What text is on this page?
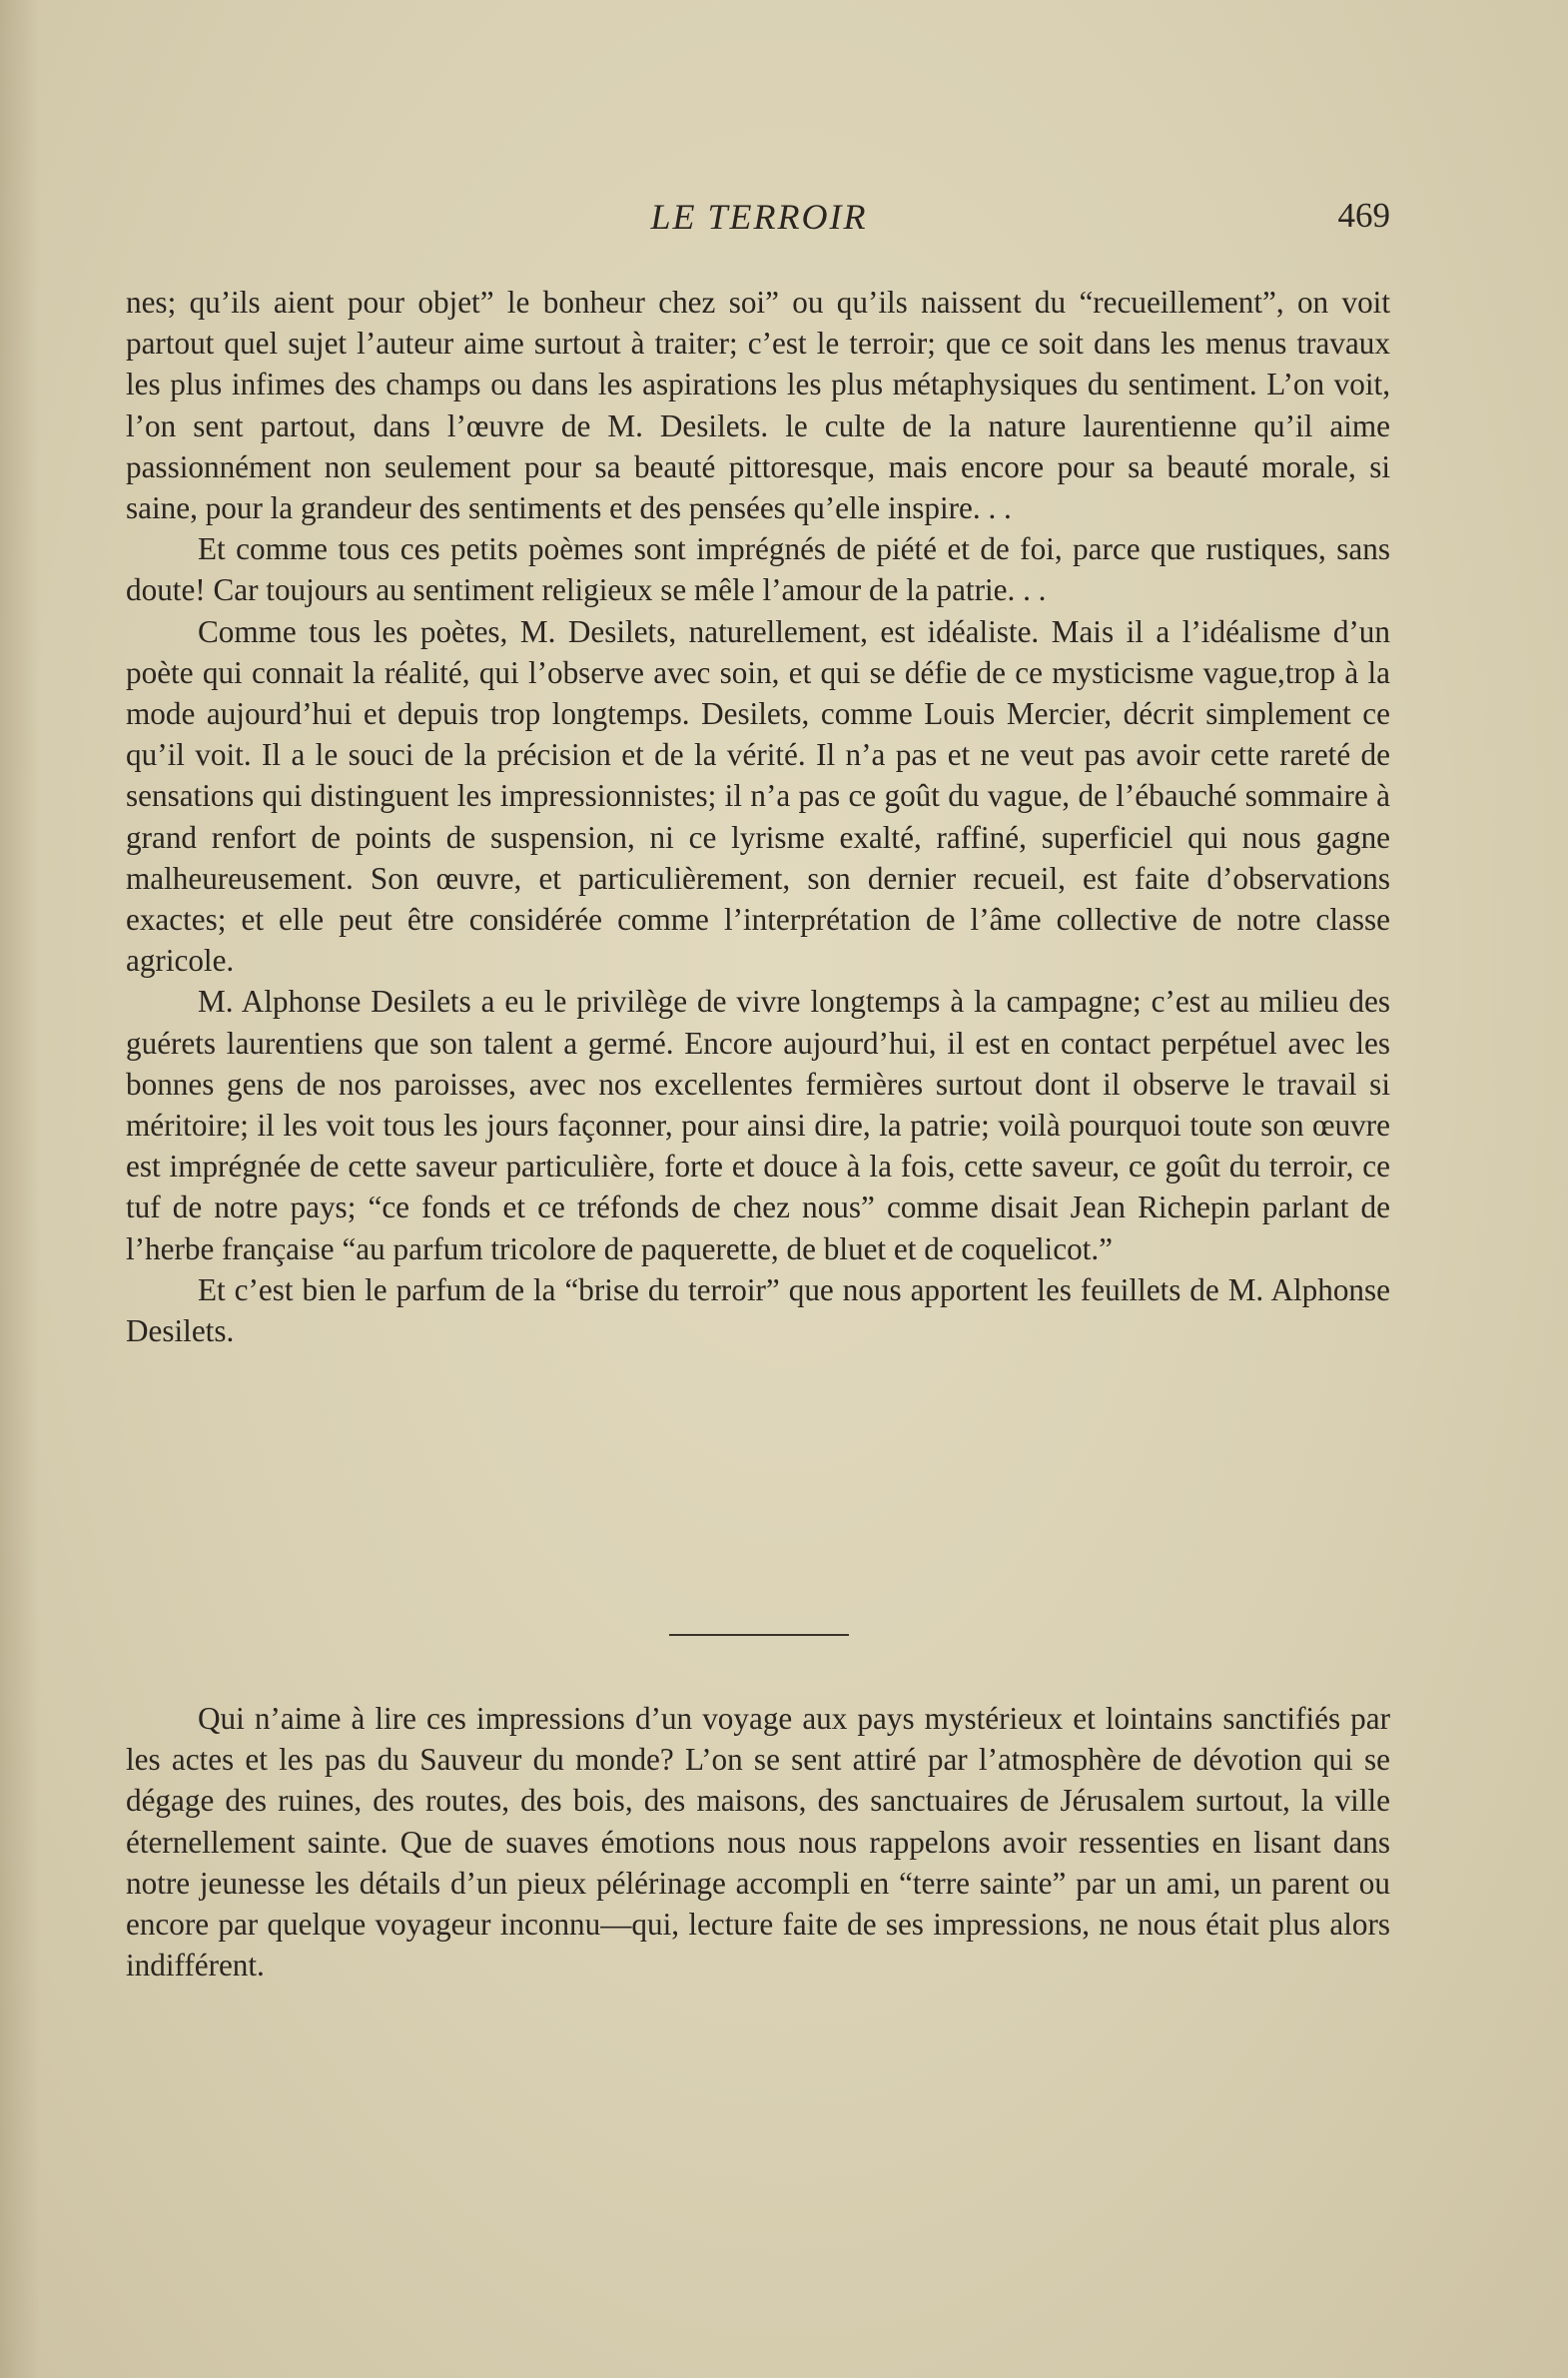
LE TERROIR	469

nes; qu’ils aient pour objet” le bonheur chez soi” ou qu’ils naissent du “recueillement”, on voit partout quel sujet l’auteur aime surtout à traiter; c’est le terroir; que ce soit dans les menus travaux les plus infimes des champs ou dans les aspirations les plus métaphysiques du sentiment. L’on voit, l’on sent partout, dans l’œuvre de M. Desilets. le culte de la nature laurentienne qu’il aime passionnément non seulement pour sa beauté pittoresque, mais encore pour sa beauté morale, si saine, pour la grandeur des sentiments et des pensées qu’elle inspire. . .

Et comme tous ces petits poèmes sont imprégnés de piété et de foi, parce que rustiques, sans doute! Car toujours au sentiment religieux se mêle l’amour de la patrie. . .

Comme tous les poètes, M. Desilets, naturellement, est idéaliste. Mais il a l’idéalisme d’un poète qui connait la réalité, qui l’observe avec soin, et qui se défie de ce mysticisme vague,trop à la mode aujourd’hui et depuis trop longtemps. Desilets, comme Louis Mercier, décrit simplement ce qu’il voit. Il a le souci de la précision et de la vérité. Il n’a pas et ne veut pas avoir cette rareté de sensations qui distinguent les impressionnistes; il n’a pas ce goût du vague, de l’ébauché sommaire à grand renfort de points de suspension, ni ce lyrisme exalté, raffiné, superficiel qui nous gagne malheureusement. Son œuvre, et particulièrement, son dernier recueil, est faite d’observations exactes; et elle peut être considérée comme l’interprétation de l’âme collective de notre classe agricole.

M. Alphonse Desilets a eu le privilège de vivre longtemps à la campagne; c’est au milieu des guérets laurentiens que son talent a germé. Encore aujourd’hui, il est en contact perpétuel avec les bonnes gens de nos paroisses, avec nos excellentes fermières surtout dont il observe le travail si méritoire; il les voit tous les jours façonner, pour ainsi dire, la patrie; voilà pourquoi toute son œuvre est imprégnée de cette saveur particulière, forte et douce à la fois, cette saveur, ce goût du terroir, ce tuf de notre pays; “ce fonds et ce tréfonds de chez nous” comme disait Jean Richepin parlant de l’herbe française “au parfum tricolore de paquerette, de bluet et de coquelicot.”

Et c’est bien le parfum de la “brise du terroir” que nous apportent les feuillets de M. Alphonse Desilets.

Qui n’aime à lire ces impressions d’un voyage aux pays mystérieux et lointains sanctifiés par les actes et les pas du Sauveur du monde? L’on se sent attiré par l’atmosphère de dévotion qui se dégage des ruines, des routes, des bois, des maisons, des sanctuaires de Jérusalem surtout, la ville éternellement sainte. Que de suaves émotions nous nous rappelons avoir ressenties en lisant dans notre jeunesse les détails d’un pieux pélérinage accompli en “terre sainte” par un ami, un parent ou encore par quelque voyageur inconnu—qui, lecture faite de ses impressions, ne nous était plus alors indifférent.
